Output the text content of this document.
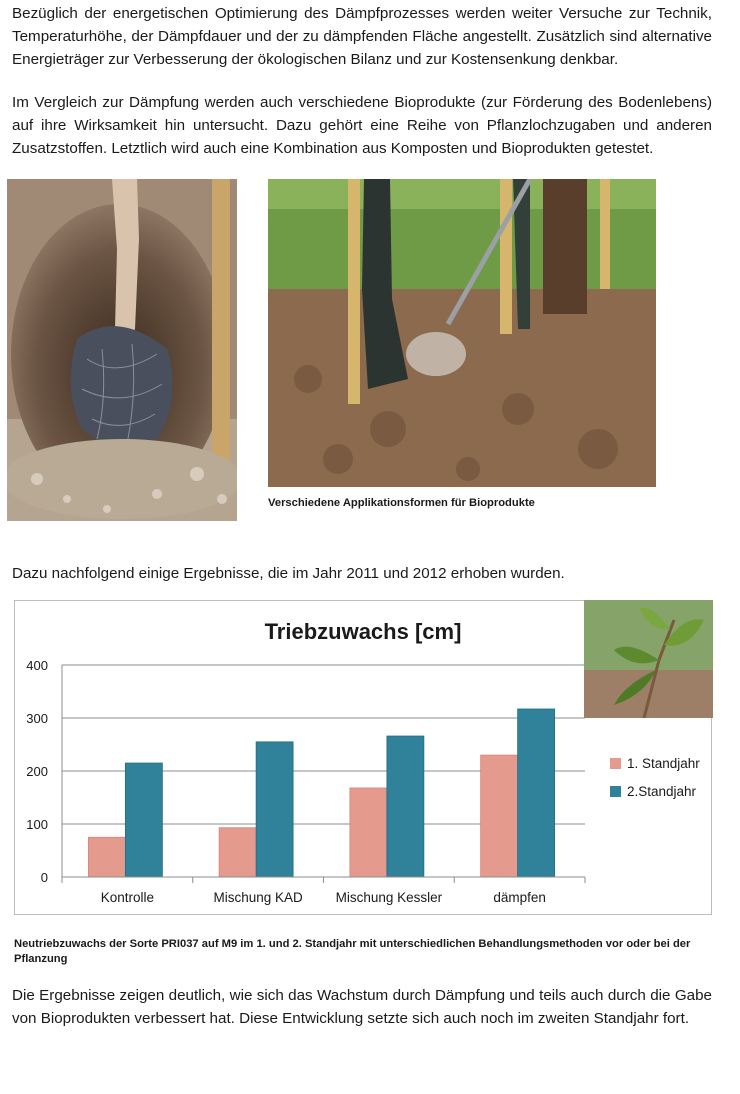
Bezüglich der energetischen Optimierung des Dämpfprozesses werden weiter Versuche zur Technik, Temperaturhöhe, der Dämpfdauer und der zu dämpfenden Fläche angestellt. Zusätzlich sind alternative Energieträger zur Verbesserung der ökologischen Bilanz und zur Kostensenkung denkbar.

Im Vergleich zur Dämpfung werden auch verschiedene Bioprodukte (zur Förderung des Bodenlebens) auf ihre Wirksamkeit hin untersucht. Dazu gehört eine Reihe von Pflanzlochzugaben und anderen Zusatzstoffen. Letztlich wird auch eine Kombination aus Komposten und Bioprodukten getestet.

Verschiedene Applikationsformen für Bioprodukte

Dazu nachfolgend einige Ergebnisse, die im Jahr 2011 und 2012 erhoben wurden.

Triebzuwachs [cm]
0
100
200
300
400
Kontrolle	Mischung KAD Mischung Kessler	dämpfen
1. Standjahr
2.Standjahr

Neutriebzuwachs der Sorte PRI037 auf M9 im 1. und 2. Standjahr mit unterschiedlichen Behandlungsmethoden vor oder bei der Pflanzung

Die Ergebnisse zeigen deutlich, wie sich das Wachstum durch Dämpfung und teils auch durch die Gabe von Bioprodukten verbessert hat. Diese Entwicklung setzte sich auch noch im zweiten Standjahr fort.
